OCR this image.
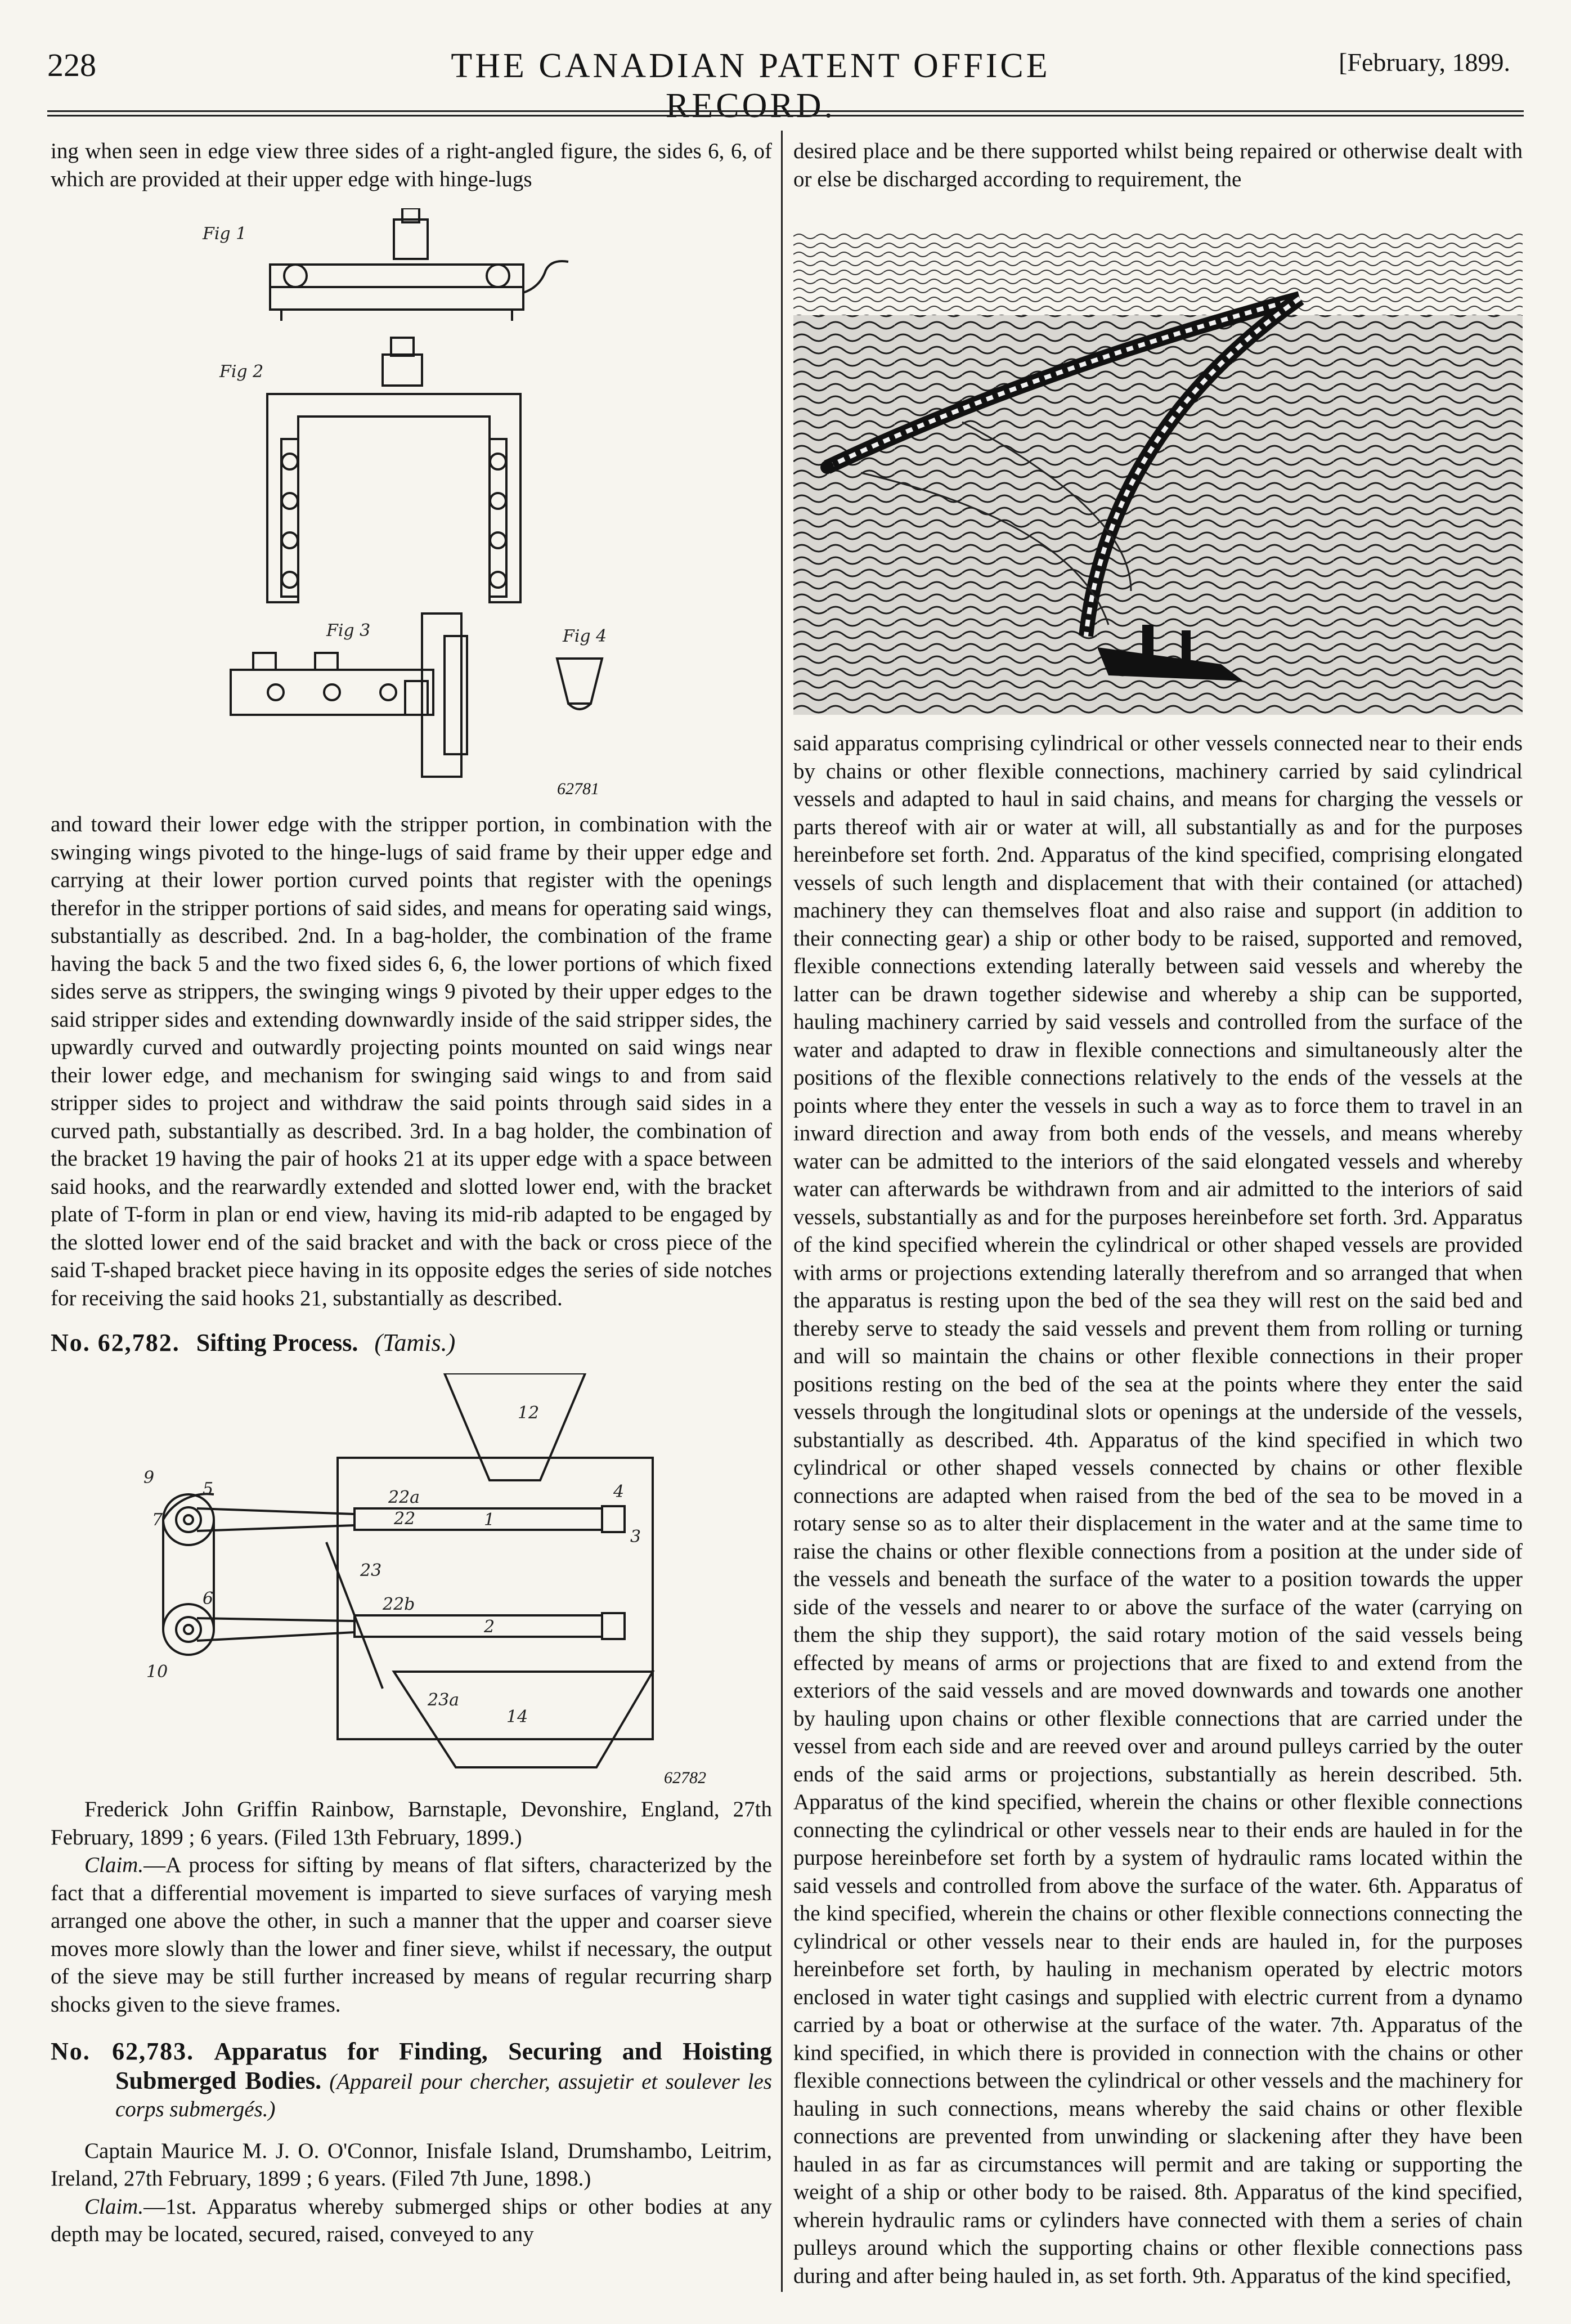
228	THE CANADIAN PATENT OFFICE RECORD.
[February, 1899.

ing when seen in edge view three sides of a right-angled figure, the sides 6, 6, of which are provided at their upper edge with hinge-lugs

Fig 1
Fig 2
Fig 3	Fig 4
62781

and toward their lower edge with the stripper portion, in combination with the swinging wings pivoted to the hinge-lugs of said frame by their upper edge and carrying at their lower portion curved points that register with the openings therefor in the stripper portions of said sides, and means for operating said wings, substantially as described. 2nd. In a bag-holder, the combination of the frame having the back 5 and the two fixed sides 6, 6, the lower portions of which fixed sides serve as strippers, the swinging wings 9 pivoted by their upper edges to the said stripper sides and extending downwardly inside of the said stripper sides, the upwardly curved and outwardly projecting points mounted on said wings near their lower edge, and mechanism for swinging said wings to and from said stripper sides to project and withdraw the said points through said sides in a curved path, substantially as described. 3rd. In a bag holder, the combination of the bracket 19 having the pair of hooks 21 at its upper edge with a space between said hooks, and the rearwardly extended and slotted lower end, with the bracket plate of T-form in plan or end view, having its mid-rib adapted to be engaged by the slotted lower end of the said bracket and with the back or cross piece of the said T-shaped bracket piece having in its opposite edges the series of side notches for receiving the said hooks 21, substantially as described.

No. 62,782. Sifting Process. (Tamis.)
12
14
1
2
3
4
5
6
7
9
10
22a
22
22b
23
23a
62782

Frederick John Griffin Rainbow, Barnstaple, Devonshire, England, 27th February, 1899 ; 6 years. (Filed 13th February, 1899.)

Claim.—A process for sifting by means of flat sifters, characterized by the fact that a differential movement is imparted to sieve surfaces of varying mesh arranged one above the other, in such a manner that the upper and coarser sieve moves more slowly than the lower and finer sieve, whilst if necessary, the output of the sieve may be still further increased by means of regular recurring sharp shocks given to the sieve frames.

No. 62,783. Apparatus for Finding, Securing and Hoisting Submerged Bodies. (Appareil pour chercher, assujetir et soulever les corps submergés.)

Captain Maurice M. J. O. O'Connor, Inisfale Island, Drumshambo, Leitrim, Ireland, 27th February, 1899 ; 6 years. (Filed 7th June, 1898.)

Claim.—1st. Apparatus whereby submerged ships or other bodies at any depth may be located, secured, raised, conveyed to any

desired place and be there supported whilst being repaired or otherwise dealt with or else be discharged according to requirement, the

said apparatus comprising cylindrical or other vessels connected near to their ends by chains or other flexible connections, machinery carried by said cylindrical vessels and adapted to haul in said chains, and means for charging the vessels or parts thereof with air or water at will, all substantially as and for the purposes hereinbefore set forth. 2nd. Apparatus of the kind specified, comprising elongated vessels of such length and displacement that with their contained (or attached) machinery they can themselves float and also raise and support (in addition to their connecting gear) a ship or other body to be raised, supported and removed, flexible connections extending laterally between said vessels and whereby the latter can be drawn together sidewise and whereby a ship can be supported, hauling machinery carried by said vessels and controlled from the surface of the water and adapted to draw in flexible connections and simultaneously alter the positions of the flexible connections relatively to the ends of the vessels at the points where they enter the vessels in such a way as to force them to travel in an inward direction and away from both ends of the vessels, and means whereby water can be admitted to the interiors of the said elongated vessels and whereby water can afterwards be withdrawn from and air admitted to the interiors of said vessels, substantially as and for the purposes hereinbefore set forth. 3rd. Apparatus of the kind specified wherein the cylindrical or other shaped vessels are provided with arms or projections extending laterally therefrom and so arranged that when the apparatus is resting upon the bed of the sea they will rest on the said bed and thereby serve to steady the said vessels and prevent them from rolling or turning and will so maintain the chains or other flexible connections in their proper positions resting on the bed of the sea at the points where they enter the said vessels through the longitudinal slots or openings at the underside of the vessels, substantially as described. 4th. Apparatus of the kind specified in which two cylindrical or other shaped vessels connected by chains or other flexible connections are adapted when raised from the bed of the sea to be moved in a rotary sense so as to alter their displacement in the water and at the same time to raise the chains or other flexible connections from a position at the under side of the vessels and beneath the surface of the water to a position towards the upper side of the vessels and nearer to or above the surface of the water (carrying on them the ship they support), the said rotary motion of the said vessels being effected by means of arms or projections that are fixed to and extend from the exteriors of the said vessels and are moved downwards and towards one another by hauling upon chains or other flexible connections that are carried under the vessel from each side and are reeved over and around pulleys carried by the outer ends of the said arms or projections, substantially as herein described. 5th. Apparatus of the kind specified, wherein the chains or other flexible connections connecting the cylindrical or other vessels near to their ends are hauled in for the purpose hereinbefore set forth by a system of hydraulic rams located within the said vessels and controlled from above the surface of the water. 6th. Apparatus of the kind specified, wherein the chains or other flexible connections connecting the cylindrical or other vessels near to their ends are hauled in, for the purposes hereinbefore set forth, by hauling in mechanism operated by electric motors enclosed in water tight casings and supplied with electric current from a dynamo carried by a boat or otherwise at the surface of the water. 7th. Apparatus of the kind specified, in which there is provided in connection with the chains or other flexible connections between the cylindrical or other vessels and the machinery for hauling in such connections, means whereby the said chains or other flexible connections are prevented from unwinding or slackening after they have been hauled in as far as circumstances will permit and are taking or supporting the weight of a ship or other body to be raised. 8th. Apparatus of the kind specified, wherein hydraulic rams or cylinders have connected with them a series of chain pulleys around which the supporting chains or other flexible connections pass during and after being hauled in, as set forth. 9th. Apparatus of the kind specified,
